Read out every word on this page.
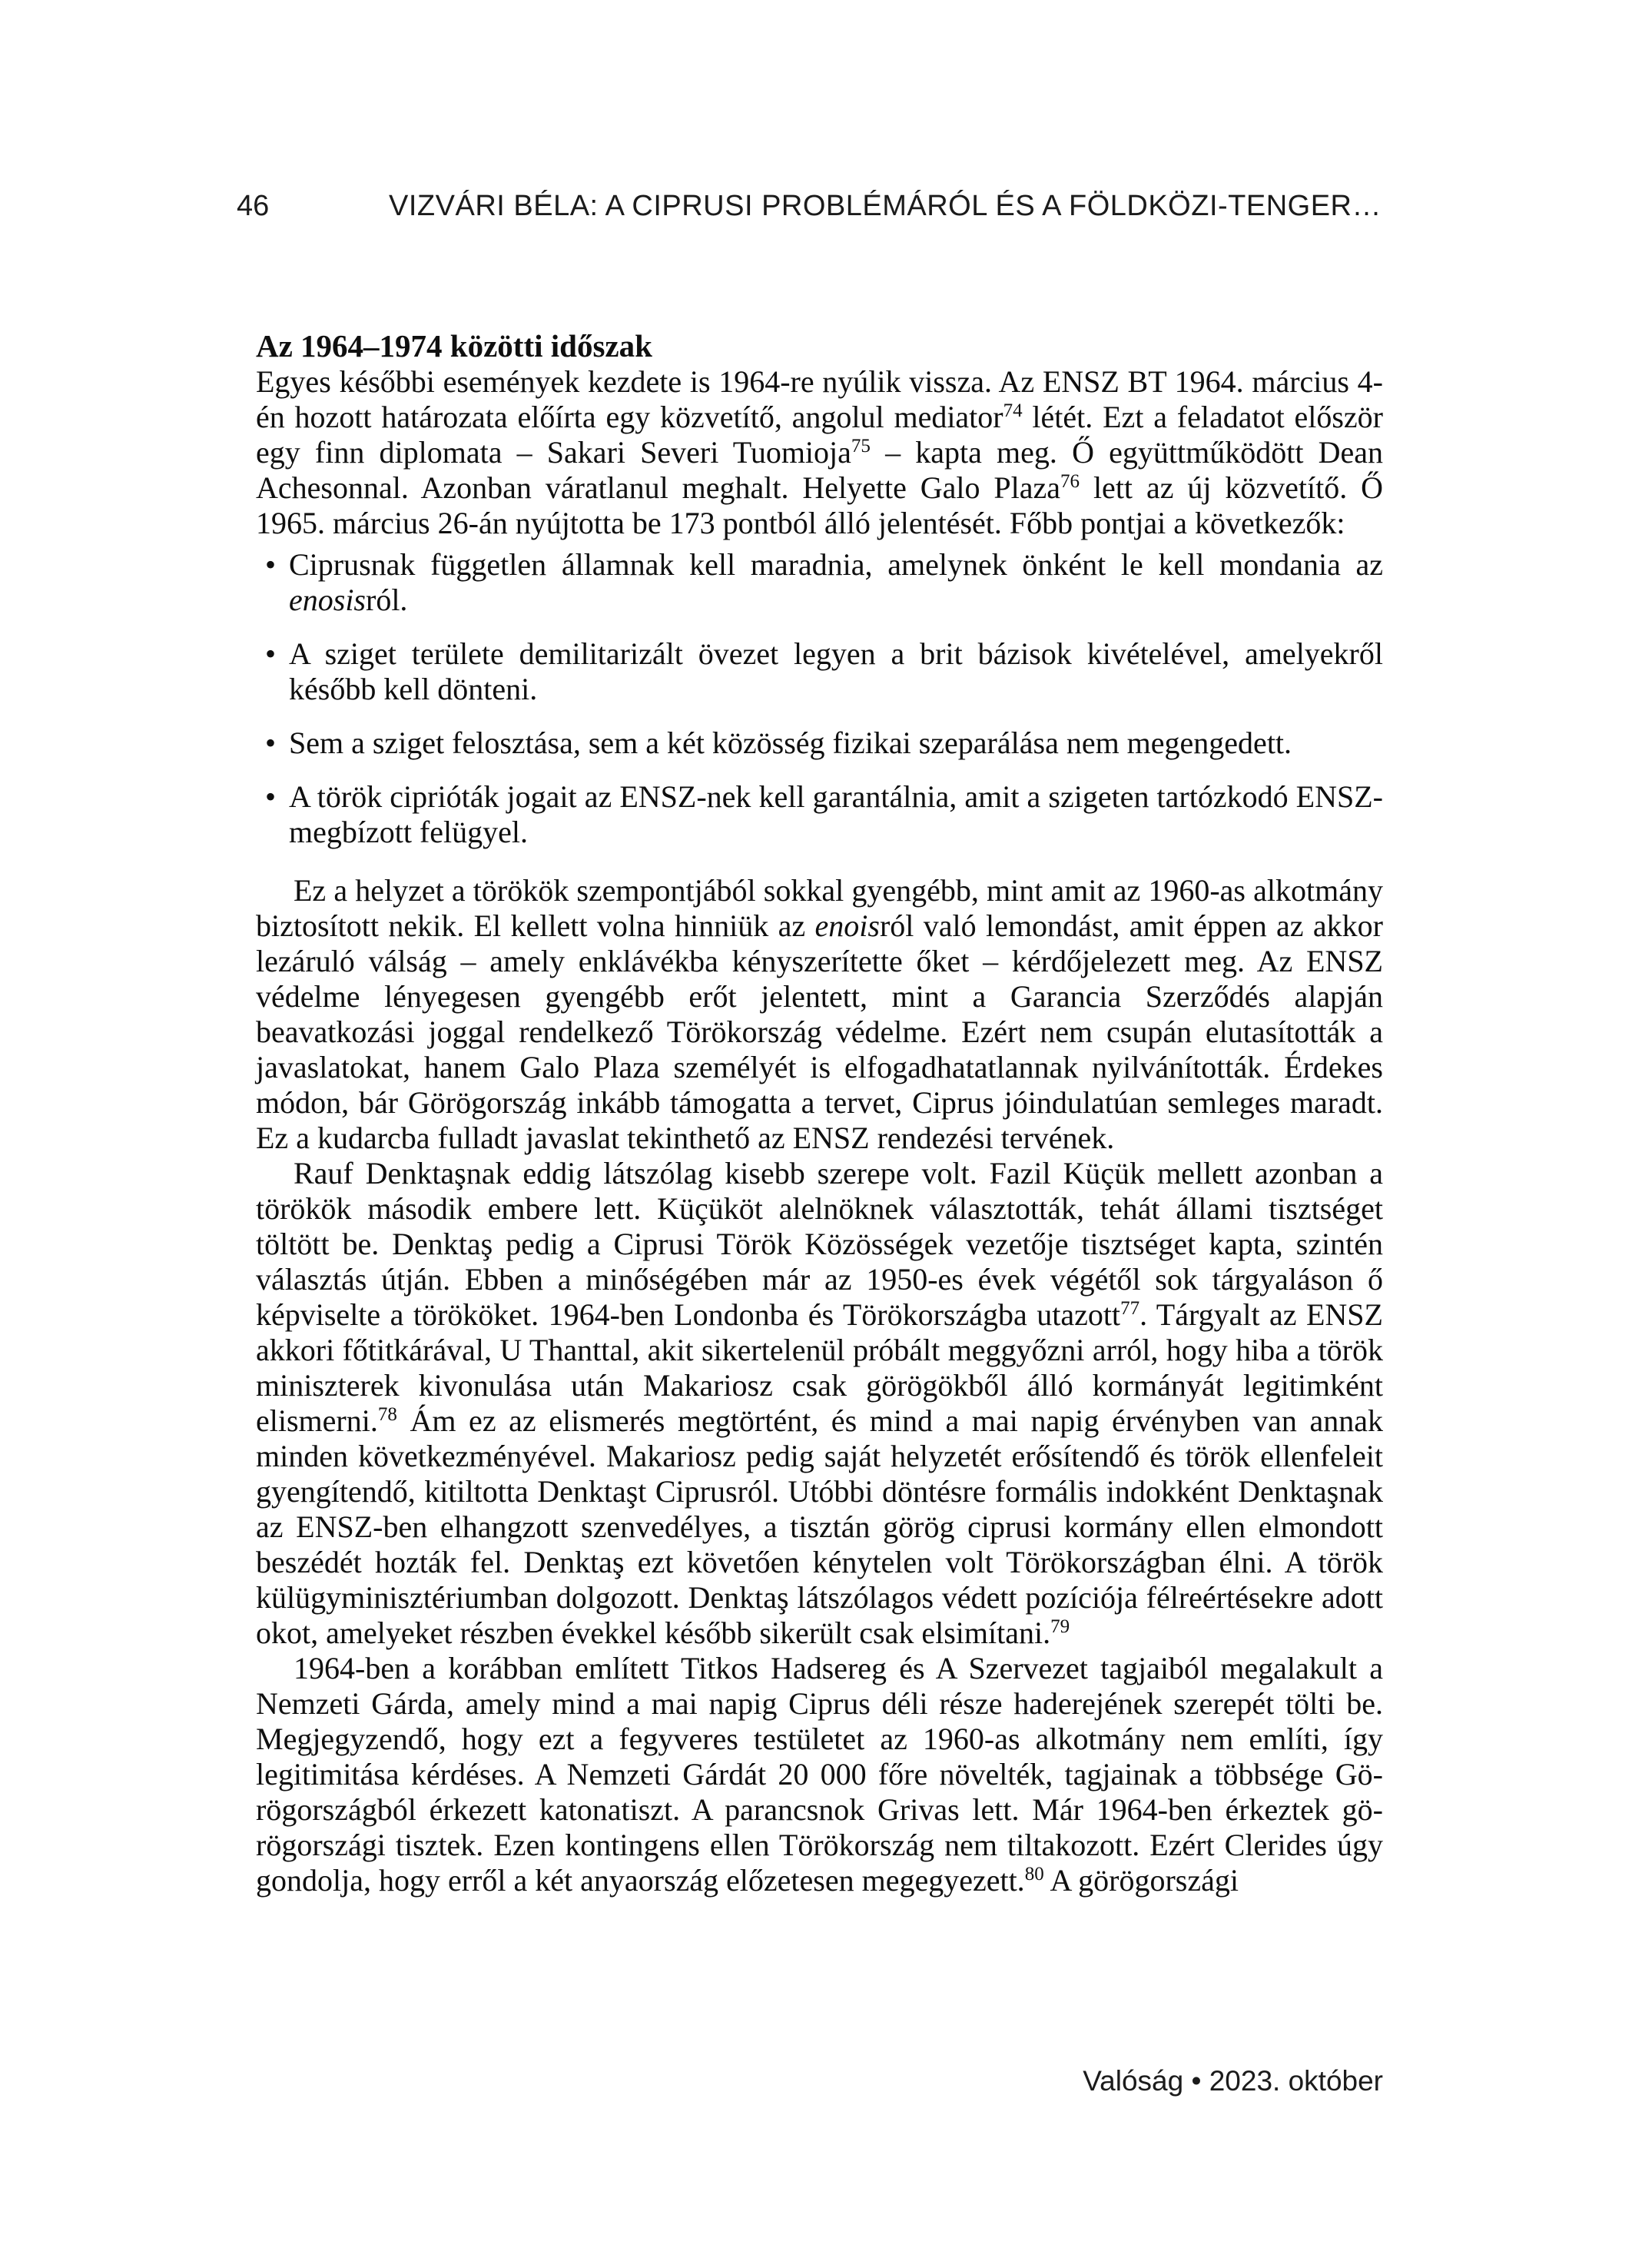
46	VIZVÁRI BÉLA: A CIPRUSI PROBLÉMÁRÓL ÉS A FÖLDKÖZI-TENGER…
Az 1964–1974 közötti időszak

Egyes későbbi események kezdete is 1964-re nyúlik vissza. Az ENSZ BT 1964. március 4-én hozott határozata előírta egy közvetítő, angolul mediator$^{74}$ létét. Ezt a feladatot először egy finn diplomata – Sakari Severi Tuomioja$^{75}$ – kapta meg. Ő együttműködött Dean Achesonnal. Azonban váratlanul meghalt. Helyette Galo Plaza$^{76}$ lett az új közvetítő. Ő 1965. március 26-án nyújtotta be 173 pontból álló jelentését. Főbb pontjai a következők:

• Ciprusnak független államnak kell maradnia, amelynek önként le kell mondania az enosisról.
• A sziget területe demilitarizált övezet legyen a brit bázisok kivételével, amelyekről később kell dönteni.
• Sem a sziget felosztása, sem a két közösség fizikai szeparálása nem megengedett.
• A török ciprióták jogait az ENSZ-nek kell garantálnia, amit a szigeten tartózkodó ENSZ-megbízott felügyel.

Ez a helyzet a törökök szempontjából sokkal gyengébb, mint amit az 1960-as alkotmány biztosított nekik. El kellett volna hinniük az enoisról való lemondást, amit éppen az akkor lezáruló válság – amely enklávékba kényszerítette őket – kérdőjelezett meg. Az ENSZ védelme lényegesen gyengébb erőt jelentett, mint a Garancia Szerződés alapján beavatkozási joggal rendelkező Törökország védelme. Ezért nem csupán elutasították a javaslatokat, hanem Galo Plaza személyét is elfogadhatatlannak nyilvánították. Érdekes módon, bár Görögország inkább támogatta a tervet, Ciprus jóindulatúan semleges maradt. Ez a kudarcba fulladt javaslat tekinthető az ENSZ rendezési tervének.

Rauf Denktaşnak eddig látszólag kisebb szerepe volt. Fazil Küçük mellett azonban a törökök második embere lett. Küçüköt alelnöknek választották, tehát állami tisztséget töltött be. Denktaş pedig a Ciprusi Török Közösségek vezetője tisztséget kapta, szintén választás útján. Ebben a minőségében már az 1950-es évek végétől sok tárgyaláson ő képviselte a törököket. 1964-ben Londonba és Törökországba utazott$^{77}$. Tárgyalt az ENSZ akkori főtitkárával, U Thanttal, akit sikertelenül próbált meggyőzni arról, hogy hiba a török miniszterek kivonulása után Makariosz csak görögökből álló kormányát legitimként elismerni.$^{78}$ Ám ez az elismerés megtörtént, és mind a mai napig érvényben van annak minden következményével. Makariosz pedig saját helyzetét erősítendő és török ellenfeleit gyengítendő, kitiltotta Denktaşt Ciprusról. Utóbbi döntésre formális indokként Denktaşnak az ENSZ-ben elhangzott szenvedélyes, a tisztán görög ciprusi kormány ellen elmondott beszédét hozták fel. Denktaş ezt követően kénytelen volt Törökországban élni. A török külügyminisztériumban dolgozott. Denktaş látszólagos védett pozíciója félreértésekre adott okot, amelyeket részben évekkel később sikerült csak elsimítani.$^{79}$

1964-ben a korábban említett Titkos Hadsereg és A Szervezet tagjaiból megalakult a Nemzeti Gárda, amely mind a mai napig Ciprus déli része haderejének szerepét tölti be. Megjegyzendő, hogy ezt a fegyveres testületet az 1960-as alkotmány nem említi, így legitimitása kérdéses. A Nemzeti Gárdát 20 000 főre növelték, tagjainak a többsége Görögországból érkezett katonatiszt. A parancsnok Grivas lett. Már 1964-ben érkeztek görögországi tisztek. Ezen kontingens ellen Törökország nem tiltakozott. Ezért Clerides úgy gondolja, hogy erről a két anyaország előzetesen megegyezett.$^{80}$ A görögországi

Valóság • 2023. október
